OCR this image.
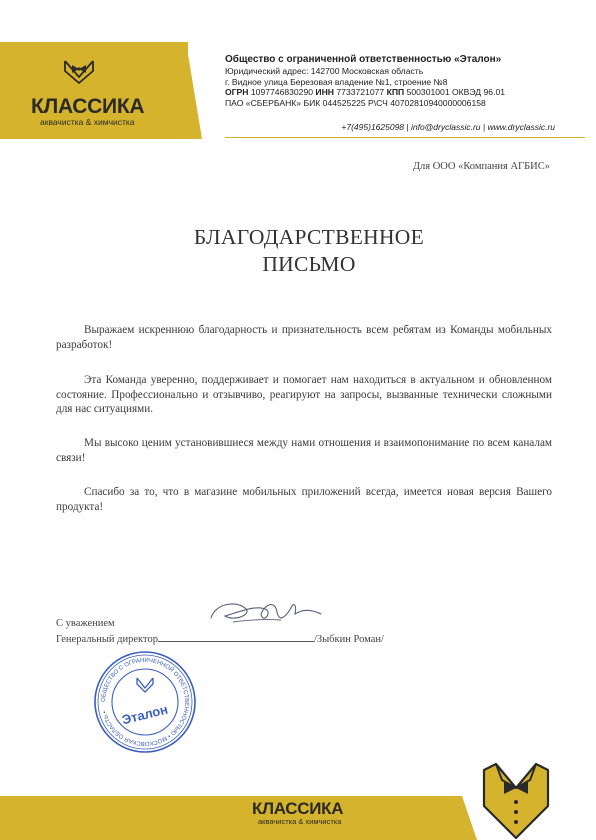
КЛАССИКА
аквачистка & химчистка
Общество с ограниченной ответственностью «Эталон»
Юридический адрес: 142700 Московская область
г. Видное улица Березовая владение №1, строение №8
ОГРН 1097746830290 ИНН 7733721077 КПП 500301001 ОКВЭД 96.01
ПАО «СБЕРБАНК» БИК 044525225 Р\СЧ 40702810940000006158
+7(495)1625098 | info@dryclassic.ru | www.dryclassic.ru
Для ООО «Компания АГБИС»
БЛАГОДАРСТВЕННОЕ
ПИСЬМО
Выражаем искреннюю благодарность и признательность всем ребятам из Команды мобильных разработок!
Эта Команда уверенно, поддерживает и помогает нам находиться в актуальном и обновленном состояние. Профессионально и отзывчиво, реагируют на запросы, вызванные технически сложными для нас ситуациями.
Мы высоко ценим установившиеся между нами отношения и взаимопонимание по всем каналам связи!
Спасибо за то, что в магазине мобильных приложений всегда, имеется новая версия Вашего продукта!
С уважением
Генеральный директор	/Зыбкин Роман/
ОБЩЕСТВО С ОГРАНИЧЕННОЙ ОТВЕТСТВЕННОСТЬЮ • МОСКОВСКАЯ ОБЛАСТЬ • Эталон
КЛАССИКА
аквачистка & химчистка
